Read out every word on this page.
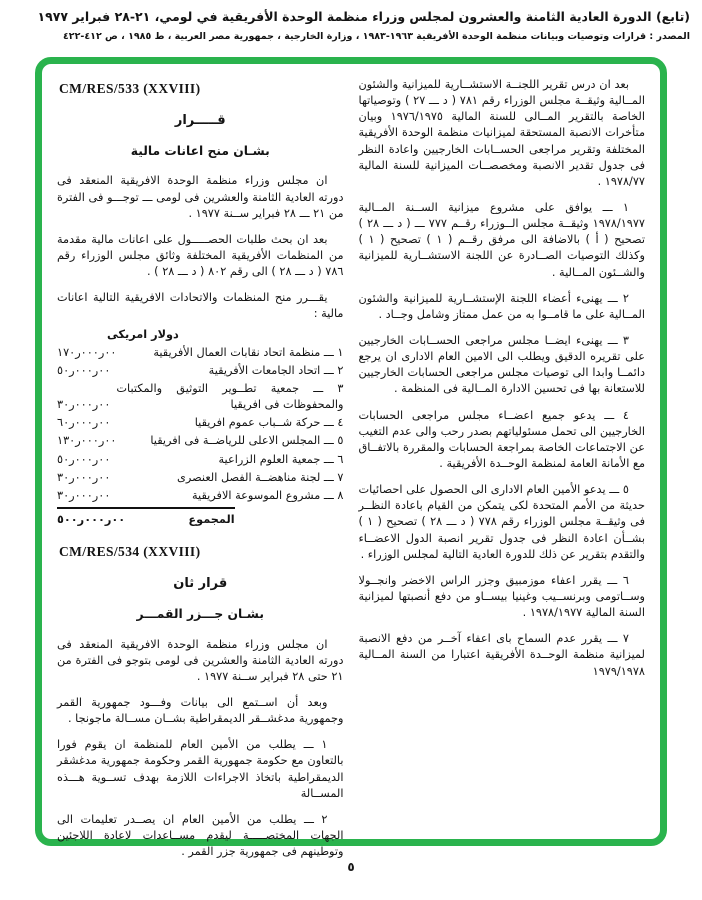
(تابع) الدورة العادية الثامنة والعشرون لمجلس وزراء منظمة الوحدة الأفريقية في لومي، ٢١-٢٨ فبراير ١٩٧٧
المصدر : قرارات وتوصيات وبيانات منظمة الوحدة الأفريقية ١٩٦٣-١٩٨٣ ، وزارة الخارجية ، جمهورية مصر العربية ، ط ١٩٨٥ ، ص ٤١٢-٤٢٢

بعد ان درس تقرير اللجنــة الاستشــارية للميزانية والشئون المــالية وثيقــة مجلس الوزراء رقم ٧٨١ ( د ـــ ٢٧ ) وتوصياتها الخاصة بالتقرير المــالى للسنة المالية ١٩٧٦/١٩٧٥ وبيان متأخرات الانصبة المستحقة لميزانيات منظمة الوحدة الأفريقية المختلفة وتقرير مراجعى الحســابات الخارجيين واعادة النظر فى جدول تقدير الانصبة ومخصصــات الميزانية للسنة المالية ١٩٧٨/٧٧ .

١ ـــ يوافق على مشروع ميزانية الســنة المــالية ١٩٧٨/١٩٧٧ وثيقــة مجلس الــوزراء رقــم ٧٧٧ ـــ ( د ـــ ٢٨ ) تصحيح ( أ ) بالاضافة الى مرفق رقــم ( ١ ) تصحيح ( ١ ) وكذلك التوصيات الصــادرة عن اللجنة الاستشــارية للميزانية والشــئون المــالية .

٢ ـــ يهنىء أعضاء اللجنة الإستشــارية للميزانية والشئون المــالية على ما قامــوا به من عمل ممتاز وشامل وجــاد .

٣ ـــ يهنىء ايضــا مجلس مراجعى الحســابات الخارجيين على تقريره الدقيق ويطلب الى الامين العام الادارى ان يرجع دائمــا وابدا الى توصيات مجلس مراجعى الحسابات الخارجيين للاستعانة بها فى تحسين الادارة المــالية فى المنظمة .

٤ ـــ يدعو جميع اعضــاء مجلس مراجعى الحسابات الخارجيين الى تحمل مسئولياتهم بصدر رحب والى عدم التغيب عن الاجتماعات الخاصة بمراجعة الحسابات والمقررة بالاتفــاق مع الأمانة العامة لمنظمة الوحــدة الأفريقية .

٥ ـــ يدعو الأمين العام الادارى الى الحصول على احصائيات حديثة من الأمم المتحدة لكى يتمكن من القيام باعادة النظــر فى وثيقــة مجلس الوزراء رقم ٧٧٨ ( د ـــ ٢٨ ) تصحيح ( ١ ) بشــأن اعادة النظر فى جدول تقرير انصبة الدول الاعضــاء والتقدم بتقرير عن ذلك للدورة العادية التالية لمجلس الوزراء .

٦ ـــ يقرر اعفاء موزمبيق وجزر الراس الاخضر وانجــولا وســاتومى وبرنســيب وغينيا بيســاو من دفع أنصبتها لميزانية السنة المالية ١٩٧٨/١٩٧٧ .

٧ ـــ يقرر عدم السماح باى اعفاء آخــر من دفع الانصبة لميزانية منظمة الوحــدة الأفريقية اعتبارا من السنة المــالية ١٩٧٩/١٩٧٨

CM/RES/533 (XXVIII)
قـــــرار
بشـان منح اعانات مالية

ان مجلس وزراء منظمة الوحدة الافريقية المنعقد فى دورته العادية الثامنة والعشرين فى لومى ـــ توجـــو فى الفترة من ٢١ ـــ ٢٨ فبراير ســنة ١٩٧٧ .

بعد ان بحث طلبات الحصـــــول على اعانات مالية مقدمة من المنظمات الأفريقية المختلفة وثائق مجلس الوزراء رقم ٧٨٦ ( د ـــ ٢٨ ) الى رقم ٨٠٢ ( د ـــ ٢٨ ) .

يقـــرر منح المنظمات والاتحادات الافريقية التالية اعانات مالية :

دولار امريكى
١ ـــ منظمة اتحاد نقابات العمال الأفريقية
١٧٠ر٠٠٠ر٠٠
٢ ـــ اتحاد الجامعات الأفريقية
٥٠ر٠٠٠ر٠٠
٣ ـــ جمعية تطــوير التوثيق والمكتبات والمحفوظات فى افريقيا
٣٠ر٠٠٠ر٠٠
٤ ـــ حركة شــباب عموم افريقيا
٦٠ر٠٠٠ر٠٠
٥ ـــ المجلس الاعلى للرياضــة فى افريقيا
١٣٠ر٠٠٠ر٠٠
٦ ـــ جمعية العلوم الزراعية
٥٠ر٠٠٠ر٠٠
٧ ـــ لجنة مناهضــة الفصل العنصرى
٣٠ر٠٠٠ر٠٠
٨ ـــ مشروع الموسوعة الافريقية
٣٠ر٠٠٠ر٠٠
المجموع
٥٠٠ر٠٠٠ر٠٠
CM/RES/534 (XXVIII)
قرار ثان
بشـان جـــزر القمـــر

ان مجلس وزراء منظمة الوحدة الافريقية المنعقد فى دورته العادية الثامنة والعشرين فى لومى بتوجو فى الفترة من ٢١ حتى ٢٨ فبراير ســنة ١٩٧٧ .

وبعد أن اســتمع الى بيانات وفـــود جمهورية القمر وجمهورية مدغشــقر الديمقراطية بشــان مســالة ماجونجا .

١ ـــ يطلب من الأمين العام للمنظمة ان يقوم فورا بالتعاون مع حكومة جمهورية القمر وحكومة جمهورية مدغشقر الديمقراطية باتخاذ الاجراءات اللازمة بهدف تســوية هـــذه المســالة

٢ ـــ يطلب من الأمين العام ان يصــدر تعليمات الى الجهات المختصـــــة ليقدم مســاعدات لاعادة اللاجئين وتوطينهم فى جمهورية جزر القمر .

٥
